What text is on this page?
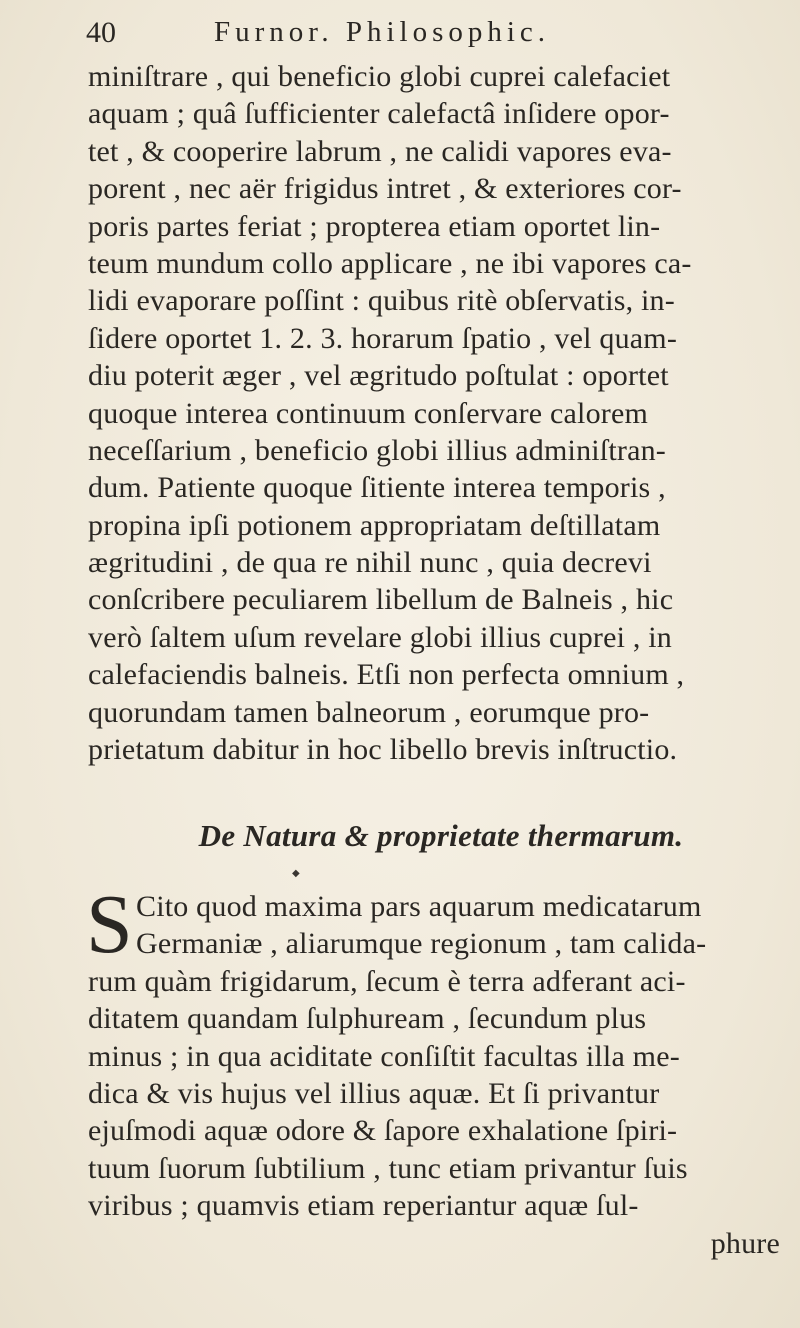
40	Furnor. Philosophic.
miniſtrare , qui beneficio globi cuprei calefaciet
aquam ; quâ ſufficienter calefactâ inſidere opor-
tet , & cooperire labrum , ne calidi vapores eva-
porent , nec aër frigidus intret , & exteriores cor-
poris partes feriat ; propterea etiam oportet lin-
teum mundum collo applicare , ne ibi vapores ca-
lidi evaporare poſſint : quibus ritè obſervatis, in-
ſidere oportet 1. 2. 3. horarum ſpatio , vel quam-
diu poterit æger , vel ægritudo poſtulat : oportet
quoque interea continuum conſervare calorem
neceſſarium , beneficio globi illius adminiſtran-
dum. Patiente quoque ſitiente interea temporis ,
propina ipſi potionem appropriatam deſtillatam
ægritudini , de qua re nihil nunc , quia decrevi
conſcribere peculiarem libellum de Balneis , hic
verò ſaltem uſum revelare globi illius cuprei , in
calefaciendis balneis. Etſi non perfecta omnium ,
quorundam tamen balneorum , eorumque pro-
prietatum dabitur in hoc libello brevis inſtructio.
De Natura & proprietate thermarum.
◆
S Cito quod maxima pars aquarum medicatarum
Germaniæ , aliarumque regionum , tam calida-
rum quàm frigidarum, ſecum è terra adferant aci-
ditatem quandam ſulphuream , ſecundum plus
minus ; in qua aciditate conſiſtit facultas illa me-
dica & vis hujus vel illius aquæ. Et ſi privantur
ejuſmodi aquæ odore & ſapore exhalatione ſpiri-
tuum ſuorum ſubtilium , tunc etiam privantur ſuis
viribus ; quamvis etiam reperiantur aquæ ſul-
phure
